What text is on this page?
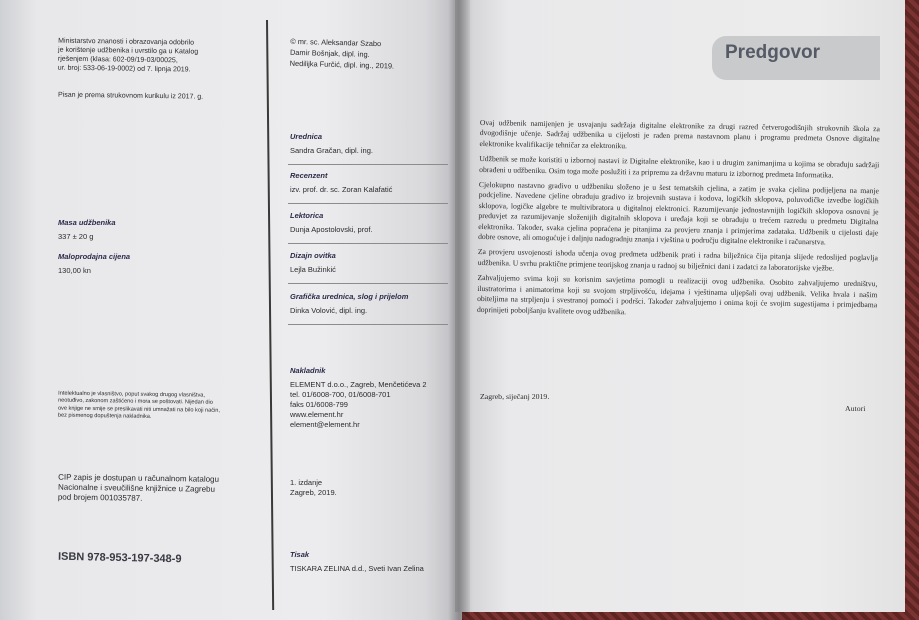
Ministarstvo znanosti i obrazovanja odobrilo
je korištenje udžbenika i uvrstilo ga u Katalog
rješenjem (klasa: 602-09/19-03/00025,
ur. broj: 533-06-19-0002) od 7. lipnja 2019.
Pisan je prema strukovnom kurikulu iz 2017. g.
Masa udžbenika
337 ± 20 g
Maloprodajna cijena
130,00 kn
Intelektualno je vlasništvo, poput svakog drugog vlasništva,
neotuđivo, zakonom zaštićeno i mora se poštovati. Nijedan dio
ove knjige ne smije se preslikavati niti umnažati na bilo koji način,
bez pismenog dopuštenja nakladnika.
CIP zapis je dostupan u računalnom katalogu
Nacionalne i sveučilišne knjižnice u Zagrebu
pod brojem 001035787.
ISBN 978-953-197-348-9
© mr. sc. Aleksandar Szabo
Damir Bošnjak, dipl. ing.
Nedilijka Furčić, dipl. ing., 2019.
Urednica
Sandra Gračan, dipl. ing.
Recenzent
izv. prof. dr. sc. Zoran Kalafatić
Lektorica
Dunja Apostolovski, prof.
Dizajn ovitka
Lejla Bužinkić
Grafička urednica, slog i prijelom
Dinka Volović, dipl. ing.
Nakladnik
ELEMENT d.o.o., Zagreb, Menčetićeva 2
tel. 01/6008-700, 01/6008-701
faks 01/6008-799
www.element.hr
element@element.hr
1. izdanje
Zagreb, 2019.
Tisak
TISKARA ZELINA d.d., Sveti Ivan Zelina
Predgovor

Ovaj udžbenik namijenjen je usvajanju sadržaja digitalne elektronike za drugi razred četverogodišnjih strukovnih škola za dvogodišnje učenje. Sadržaj udžbenika u cijelosti je rađen prema nastavnom planu i programu predmeta Osnove digitalne elektronike kvalifikacije tehničar za elektroniku.

Udžbenik se može koristiti u izbornoj nastavi iz Digitalne elektronike, kao i u drugim zanimanjima u kojima se obrađuju sadržaji obrađeni u udžbeniku. Osim toga može poslužiti i za pripremu za državnu maturu iz izbornog predmeta Informatika.

Cjelokupno nastavno gradivo u udžbeniku složeno je u šest tematskih cjelina, a zatim je svaka cjelina podijeljena na manje podcjeline. Navedene cjeline obrađuju gradivo iz brojevnih sustava i kodova, logičkih sklopova, poluvodičke izvedbe logičkih sklopova, logičke algebre te multivibratora u digitalnoj elektronici. Razumijevanje jednostavnijih logičkih sklopova osnovni je preduvjet za razumijevanje složenijih digitalnih sklopova i uređaja koji se obrađuju u trećem razredu u predmetu Digitalna elektronika. Također, svaka cjelina popraćena je pitanjima za provjeru znanja i primjerima zadataka. Udžbenik u cijelosti daje dobre osnove, ali omogućuje i daljnju nadogradnju znanja i vještina u području digitalne elektronike i računarstva.

Za provjeru usvojenosti ishoda učenja ovog predmeta udžbenik prati i radna bilježnica čija pitanja slijede redoslijed poglavlja udžbenika. U svrhu praktične primjene teorijskog znanja u radnoj su bilježnici dani i zadatci za laboratorijske vježbe.

Zahvaljujemo svima koji su korisnim savjetima pomogli u realizaciji ovog udžbenika. Osobito zahvaljujemo uredništvu, ilustratorima i animatorima koji su svojom strpljivošću, idejama i vještinama uljepšali ovaj udžbenik. Velika hvala i našim obiteljima na strpljenju i svestranoj pomoći i podršci. Također zahvaljujemo i onima koji će svojim sugestijama i primjedbama doprinijeti poboljšanju kvalitete ovog udžbenika.

Zagreb, siječanj 2019.
Autori
